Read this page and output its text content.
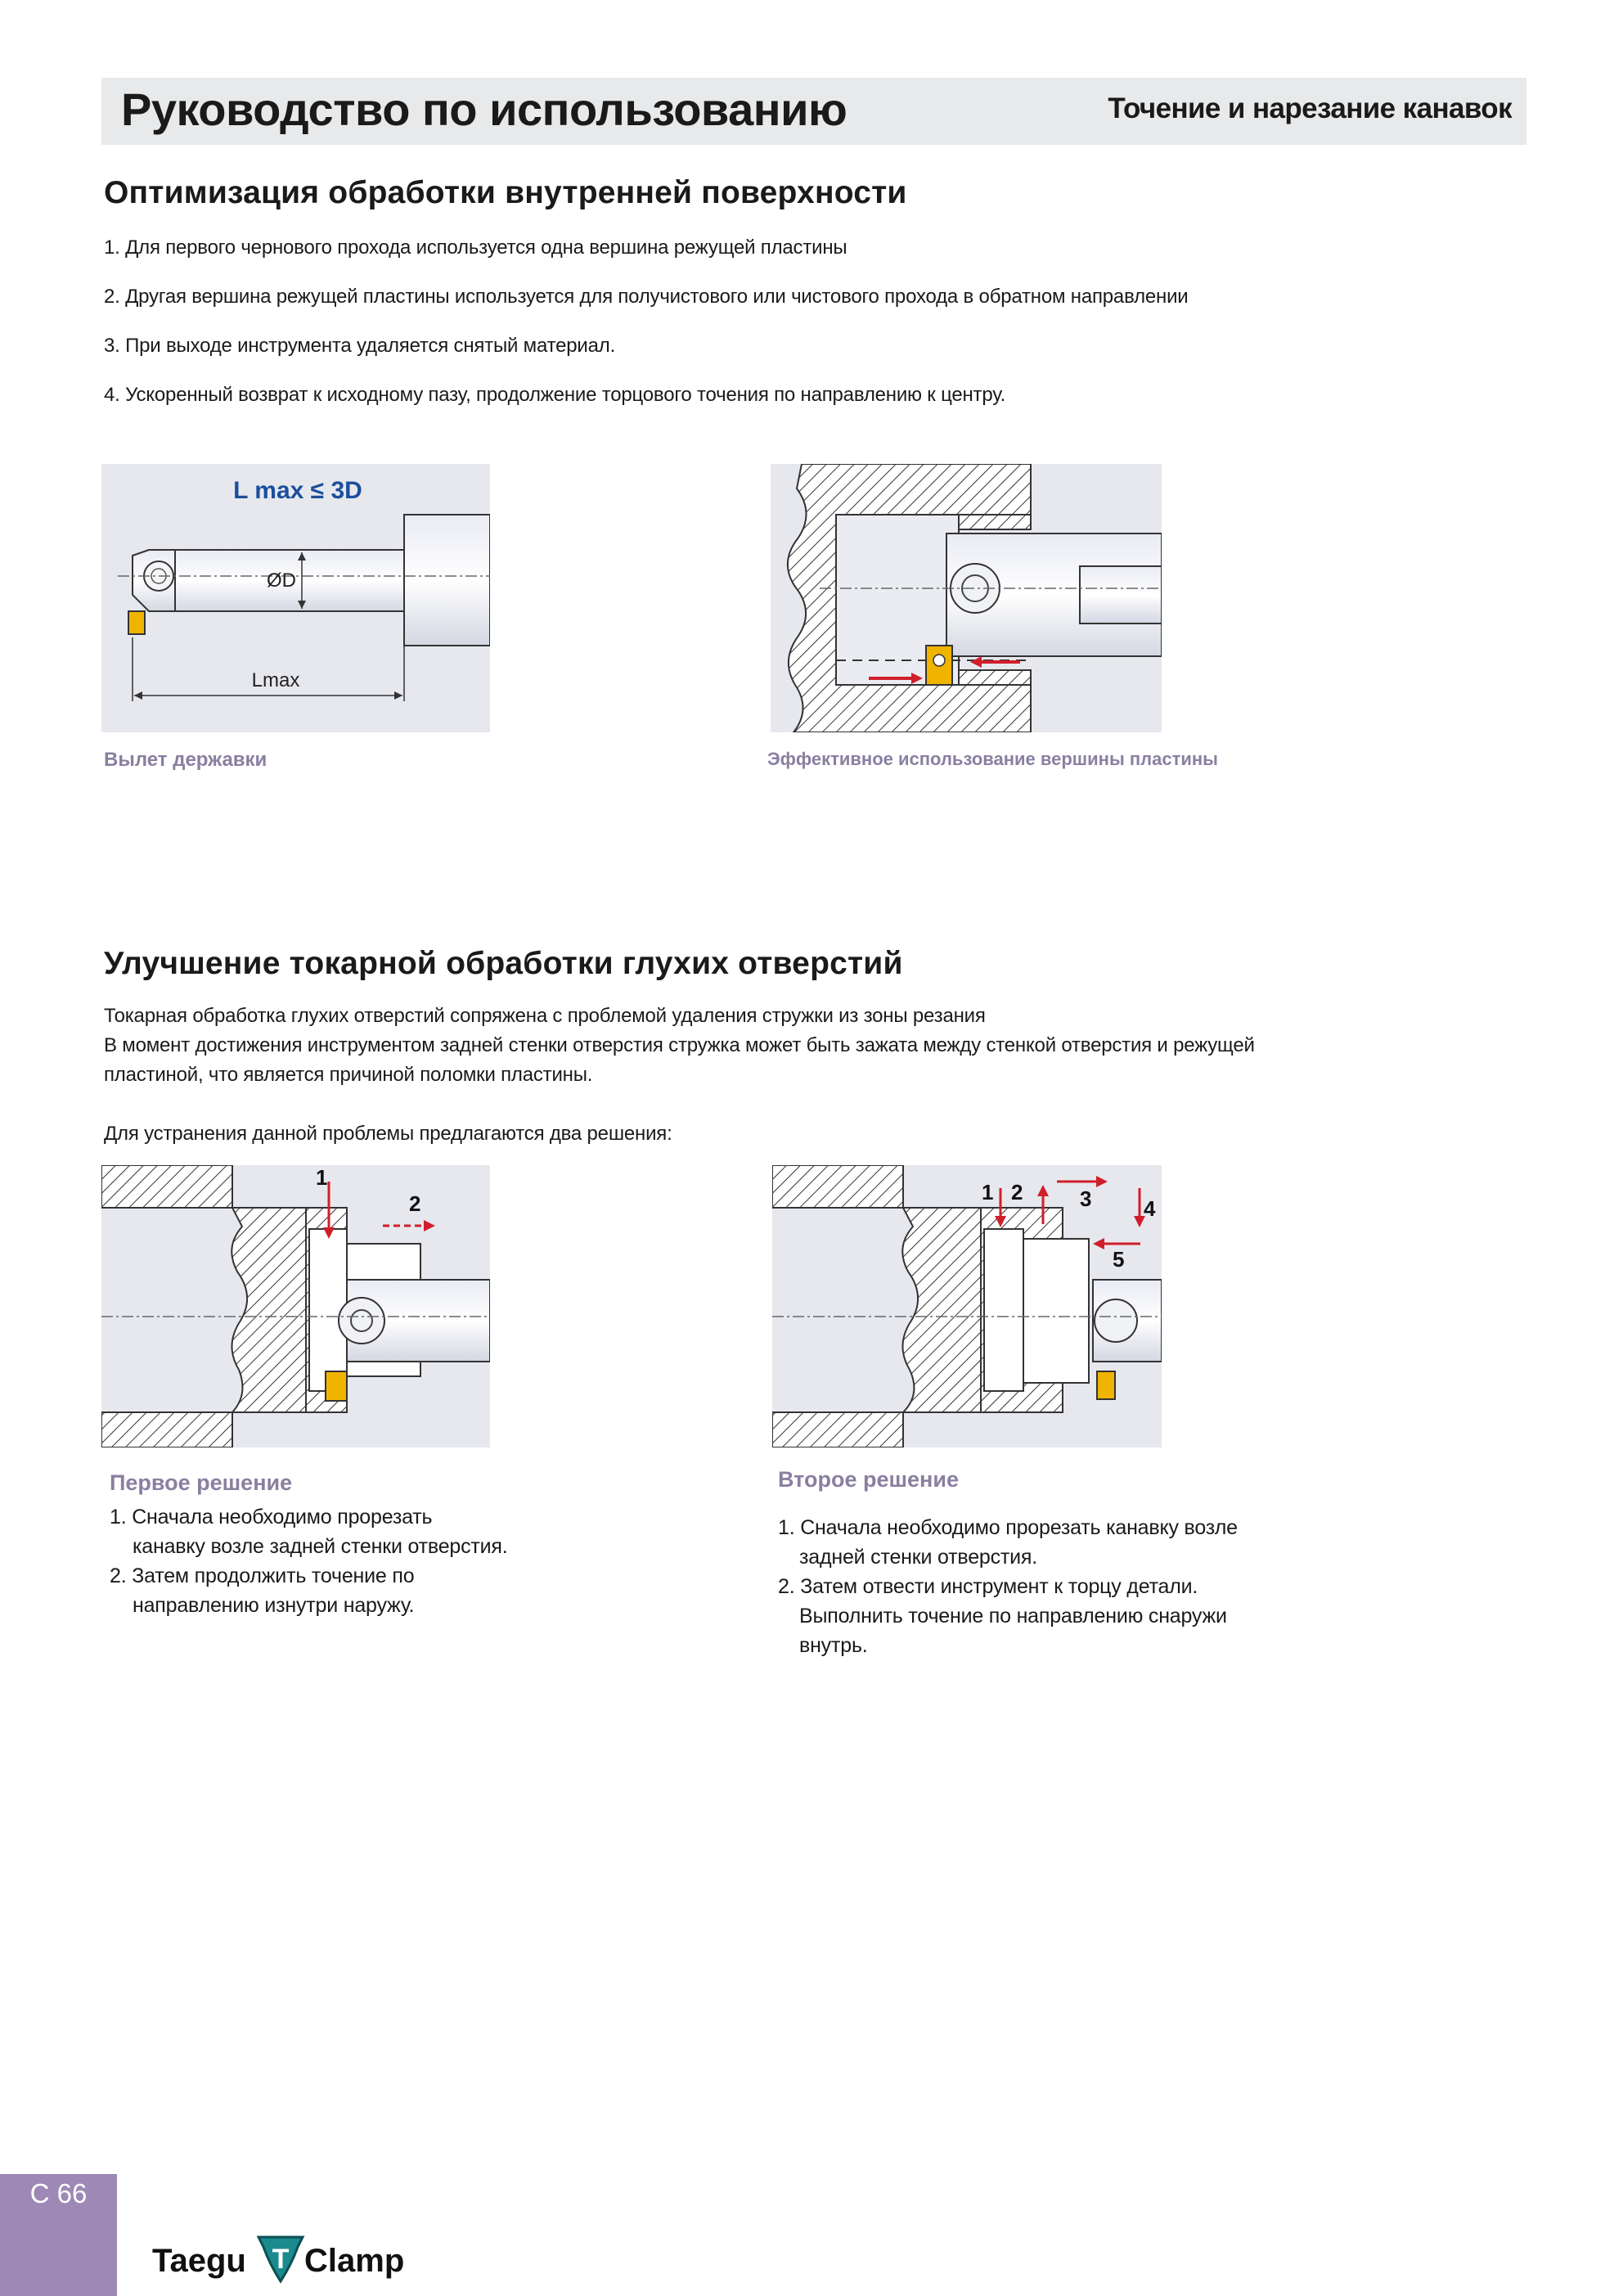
Руководство по использованию	Точение и нарезание канавок
Оптимизация обработки внутренней поверхности
1. Для первого чернового прохода используется одна вершина режущей пластины
2. Другая вершина режущей пластины используется для получистового или чистового прохода в обратном направлении
3. При выходе инструмента удаляется снятый материал.
4. Ускоренный возврат к исходному пазу, продолжение торцового точения по направлению к центру.
ØD
Lmax
L max ≤ 3D
Вылет державки	Эффективное использование вершины пластины
Улучшение токарной обработки глухих отверстий
Токарная обработка глухих отверстий сопряжена с проблемой удаления стружки из зоны резания
В момент достижения инструментом задней стенки отверстия стружка может быть зажата между стенкой отверстия и режущей
пластиной, что является причиной поломки пластины.
Для устранения данной проблемы предлагаются два решения:
1
2
Первое решение
1. Сначала необходимо прорезать
канавку возле задней стенки отверстия.
2. Затем продолжить точение по
направлению изнутри наружу.
1 2	3 4
5
Второе решение
1. Сначала необходимо прорезать канавку возле
задней стенки отверстия.
2. Затем отвести инструмент к торцу детали.
Выполнить точение по направлению снаружи
внутрь.
C 66
Taegu T Clamp
